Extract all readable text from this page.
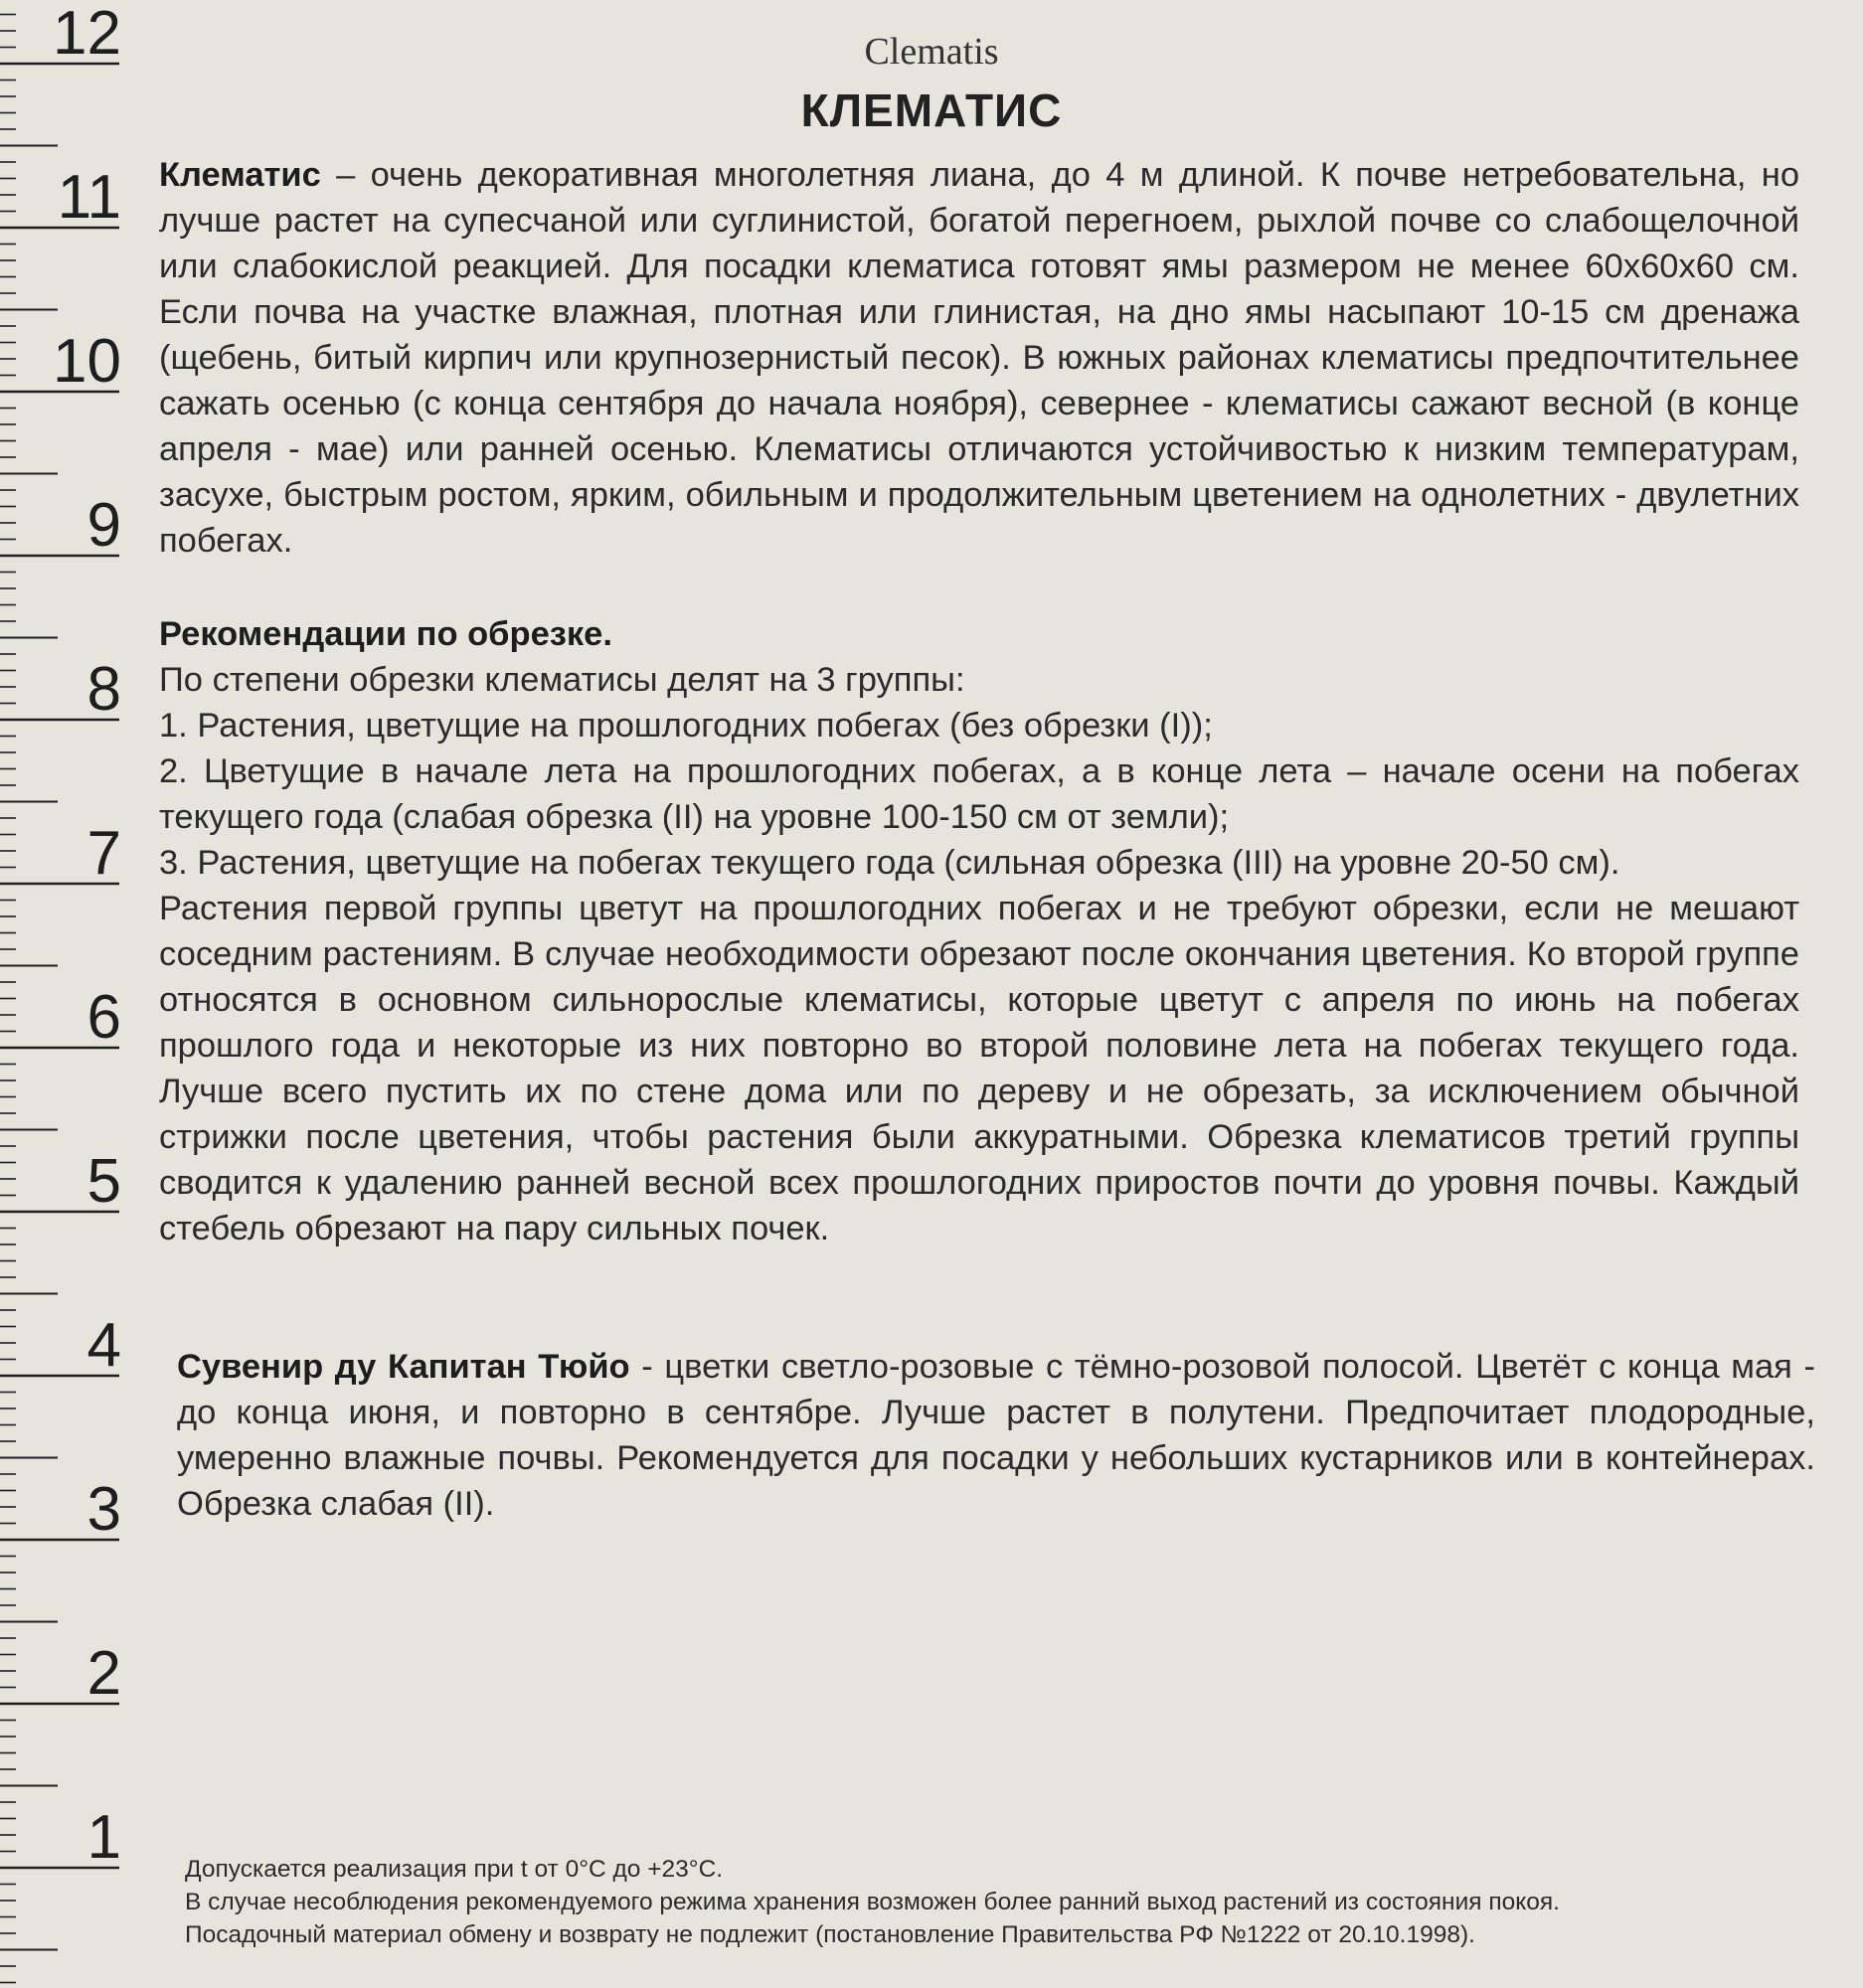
1
2
3
4
5
6
7
8
9
10
11
12	Clematis
КЛЕМАТИС

Клематис – очень декоративная многолетняя лиана, до 4 м длиной. К почве нетребовательна, но лучше растет на супесчаной или суглинистой, богатой перегноем, рыхлой почве со слабощелочной или слабокислой реакцией. Для посадки клематиса готовят ямы размером не менее 60х60х60 см. Если почва на участке влажная, плотная или глинистая, на дно ямы насыпают 10-15 см дренажа (щебень, битый кирпич или крупнозернистый песок). В южных районах клематисы предпочтительнее сажать осенью (с конца сентября до начала ноября), севернее - клематисы сажают весной (в конце апреля - мае) или ранней осенью. Клематисы отличаются устойчивостью к низким температурам, засухе, быстрым ростом, ярким, обильным и продолжительным цветением на однолетних - двулетних побегах.

Рекомендации по обрезке.

По степени обрезки клематисы делят на 3 группы:

1. Растения, цветущие на прошлогодних побегах (без обрезки (I));

2. Цветущие в начале лета на прошлогодних побегах, а в конце лета – начале осени на побегах текущего года (слабая обрезка (II) на уровне 100-150 см от земли);

3. Растения, цветущие на побегах текущего года (сильная обрезка (III) на уровне 20-50 см).

Растения первой группы цветут на прошлогодних побегах и не требуют обрезки, если не мешают соседним растениям. В случае необходимости обрезают после окончания цветения. Ко второй группе относятся в основном сильнорослые клематисы, которые цветут с апреля по июнь на побегах прошлого года и некоторые из них повторно во второй половине лета на побегах текущего года. Лучше всего пустить их по стене дома или по дереву и не обрезать, за исключением обычной стрижки после цветения, чтобы растения были аккуратными. Обрезка клематисов третий группы сводится к удалению ранней весной всех прошлогодних приростов почти до уровня почвы. Каждый стебель обрезают на пару сильных почек.

Сувенир ду Капитан Тюйо - цветки светло-розовые с тёмно-розовой полосой. Цветёт с конца мая - до конца июня, и повторно в сентябре. Лучше растет в полутени. Предпочитает плодородные, умеренно влажные почвы. Рекомендуется для посадки у небольших кустарников или в контейнерах. Обрезка слабая (II).

Допускается реализация при t от 0°C до +23°C.
В случае несоблюдения рекомендуемого режима хранения возможен более ранний выход растений из состояния покоя.
Посадочный материал обмену и возврату не подлежит (постановление Правительства РФ №1222 от 20.10.1998).
